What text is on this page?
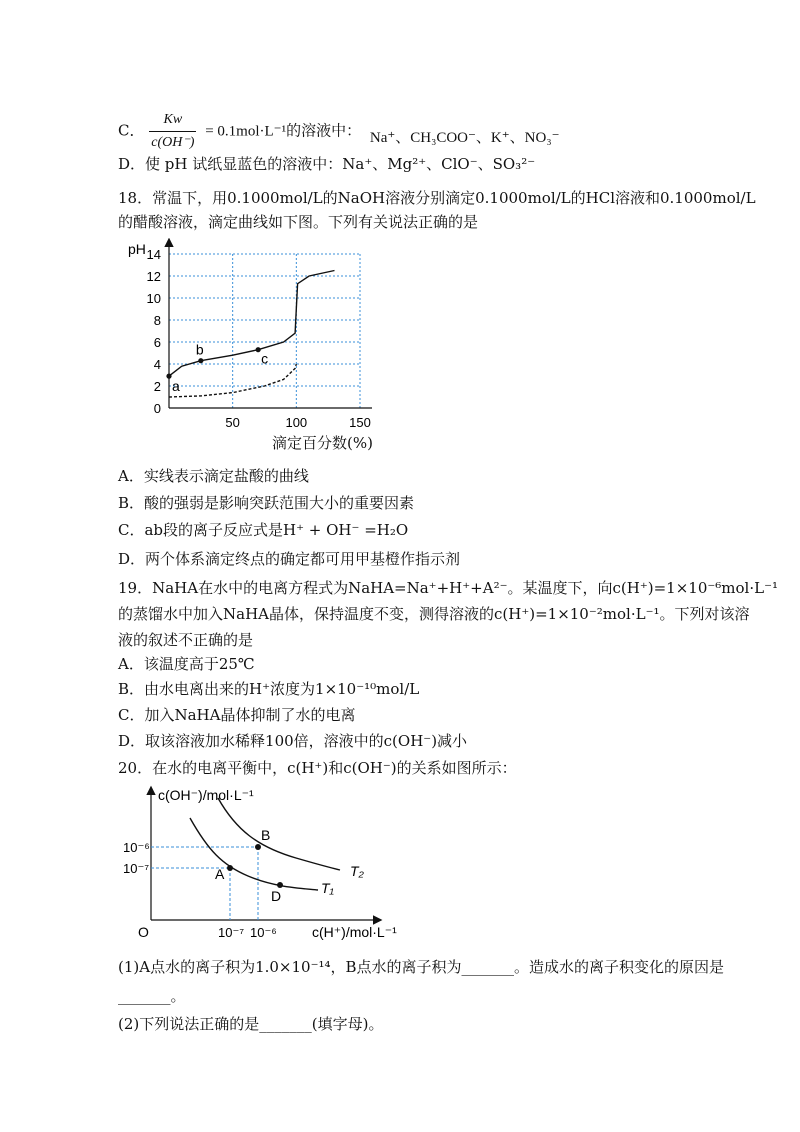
C． $\frac{Kw}{c(OH^-)} = 0.1mol\cdot L^{-1}$的溶液中： Na⁺、CH₃COO⁻、K⁺、NO₃⁻
D．使 pH 试纸显蓝色的溶液中：Na⁺、Mg²⁺、ClO⁻、SO₃²⁻
18．常温下，用0.1000mol/L的NaOH溶液分别滴定0.1000mol/L的HCl溶液和0.1000mol/L
的醋酸溶液，滴定曲线如下图。下列有关说法正确的是
pH
0
2
4
6
8
10
12
14
50	100	150
a
b
c
滴定百分数(%)
A．实线表示滴定盐酸的曲线
B．酸的强弱是影响突跃范围大小的重要因素
C．ab段的离子反应式是H⁺ + OH⁻ =H₂O
D．两个体系滴定终点的确定都可用甲基橙作指示剂
19．NaHA在水中的电离方程式为NaHA=Na⁺+H⁺+A²⁻。某温度下，向c(H⁺)=1×10⁻⁶mol·L⁻¹
的蒸馏水中加入NaHA晶体，保持温度不变，测得溶液的c(H⁺)=1×10⁻²mol·L⁻¹。下列对该溶
液的叙述不正确的是
A．该温度高于25℃
B．由水电离出来的H⁺浓度为1×10⁻¹⁰mol/L
C．加入NaHA晶体抑制了水的电离
D．取该溶液加水稀释100倍，溶液中的c(OH⁻)减小
20．在水的电离平衡中，c(H⁺)和c(OH⁻)的关系如图所示：
A
B
D
T₂
T₁
c(OH⁻)/mol·L⁻¹
c(H⁺)/mol·L⁻¹
O
10⁻⁶
10⁻⁷
10⁻⁷ 10⁻⁶
(1)A点水的离子积为1.0×10⁻¹⁴，B点水的离子积为_______。造成水的离子积变化的原因是
_______。
(2)下列说法正确的是_______(填字母)。
